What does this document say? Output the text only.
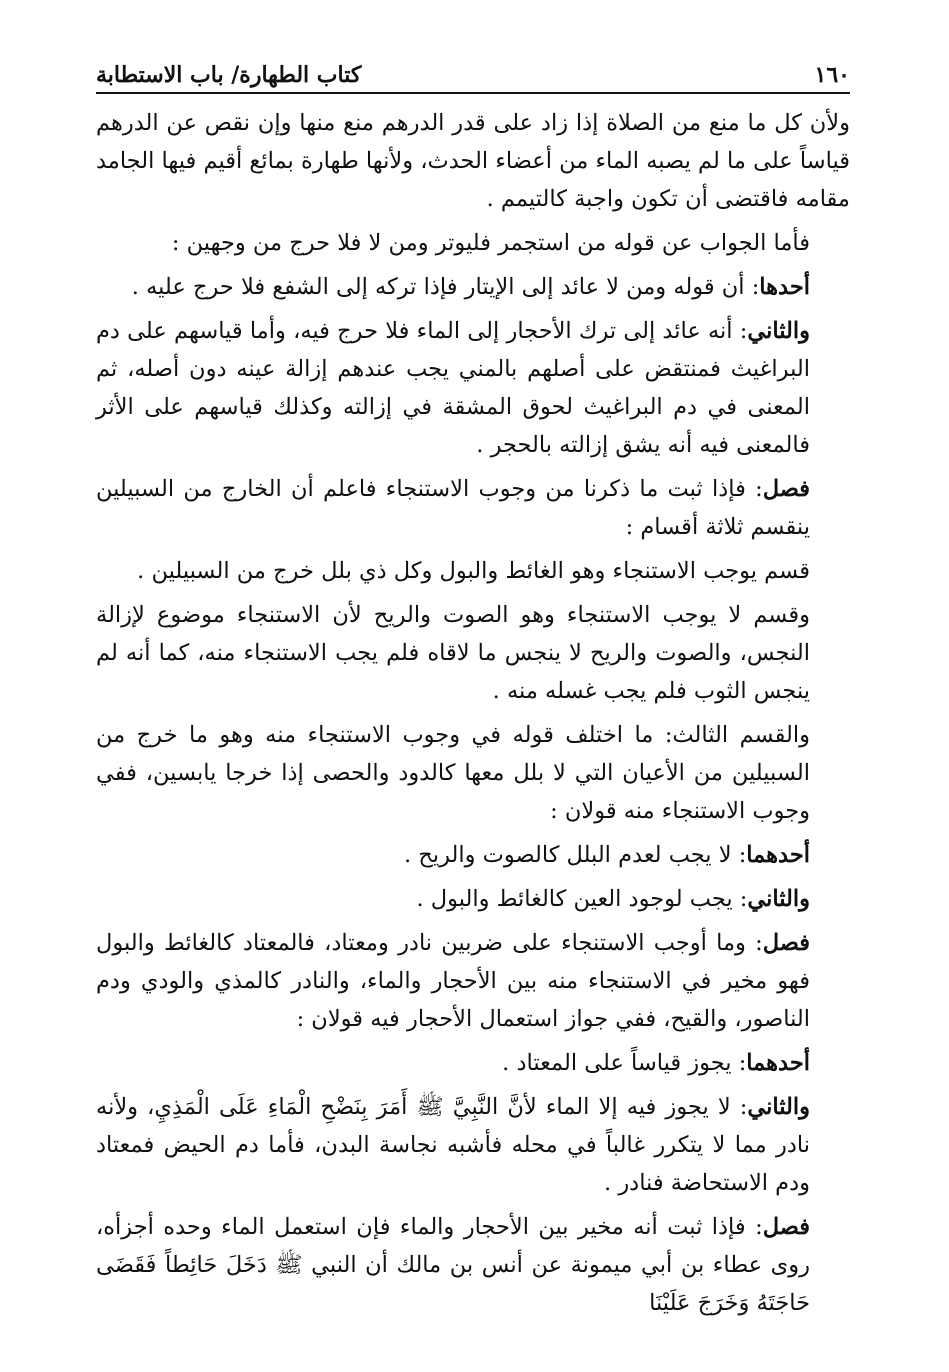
١٦٠
كتاب الطهارة/ باب الاستطابة

ولأن كل ما منع من الصلاة إذا زاد على قدر الدرهم منع منها وإن نقص عن الدرهم قياساً على ما لم يصبه الماء من أعضاء الحدث، ولأنها طهارة بمائع أقيم فيها الجامد مقامه فاقتضى أن تكون واجبة كالتيمم .

فأما الجواب عن قوله من استجمر فليوتر ومن لا فلا حرج من وجهين :

أحدها: أن قوله ومن لا عائد إلى الإيتار فإذا تركه إلى الشفع فلا حرج عليه .

والثاني: أنه عائد إلى ترك الأحجار إلى الماء فلا حرج فيه، وأما قياسهم على دم البراغيث فمنتقض على أصلهم بالمني يجب عندهم إزالة عينه دون أصله، ثم المعنى في دم البراغيث لحوق المشقة في إزالته وكذلك قياسهم على الأثر فالمعنى فيه أنه يشق إزالته بالحجر .

فصل: فإذا ثبت ما ذكرنا من وجوب الاستنجاء فاعلم أن الخارج من السبيلين ينقسم ثلاثة أقسام :

قسم يوجب الاستنجاء وهو الغائط والبول وكل ذي بلل خرج من السبيلين .

وقسم لا يوجب الاستنجاء وهو الصوت والريح لأن الاستنجاء موضوع لإزالة النجس، والصوت والريح لا ينجس ما لاقاه فلم يجب الاستنجاء منه، كما أنه لم ينجس الثوب فلم يجب غسله منه .

والقسم الثالث: ما اختلف قوله في وجوب الاستنجاء منه وهو ما خرج من السبيلين من الأعيان التي لا بلل معها كالدود والحصى إذا خرجا يابسين، ففي وجوب الاستنجاء منه قولان :

أحدهما: لا يجب لعدم البلل كالصوت والريح .

والثاني: يجب لوجود العين كالغائط والبول .

فصل: وما أوجب الاستنجاء على ضربين نادر ومعتاد، فالمعتاد كالغائط والبول فهو مخير في الاستنجاء منه بين الأحجار والماء، والنادر كالمذي والودي ودم الناصور، والقيح، ففي جواز استعمال الأحجار فيه قولان :

أحدهما: يجوز قياساً على المعتاد .

والثاني: لا يجوز فيه إلا الماء لأنَّ النَّبِيَّ ﷺ أَمَرَ بِنَضْحِ الْمَاءِ عَلَى الْمَذِيِ، ولأنه نادر مما لا يتكرر غالباً في محله فأشبه نجاسة البدن، فأما دم الحيض فمعتاد ودم الاستحاضة فنادر .

فصل: فإذا ثبت أنه مخير بين الأحجار والماء فإن استعمل الماء وحده أجزأه، روى عطاء بن أبي ميمونة عن أنس بن مالك أن النبي ﷺ دَخَلَ حَائِطاً فَقَضَى حَاجَتَهُ وَخَرَجَ عَلَيْنَا
